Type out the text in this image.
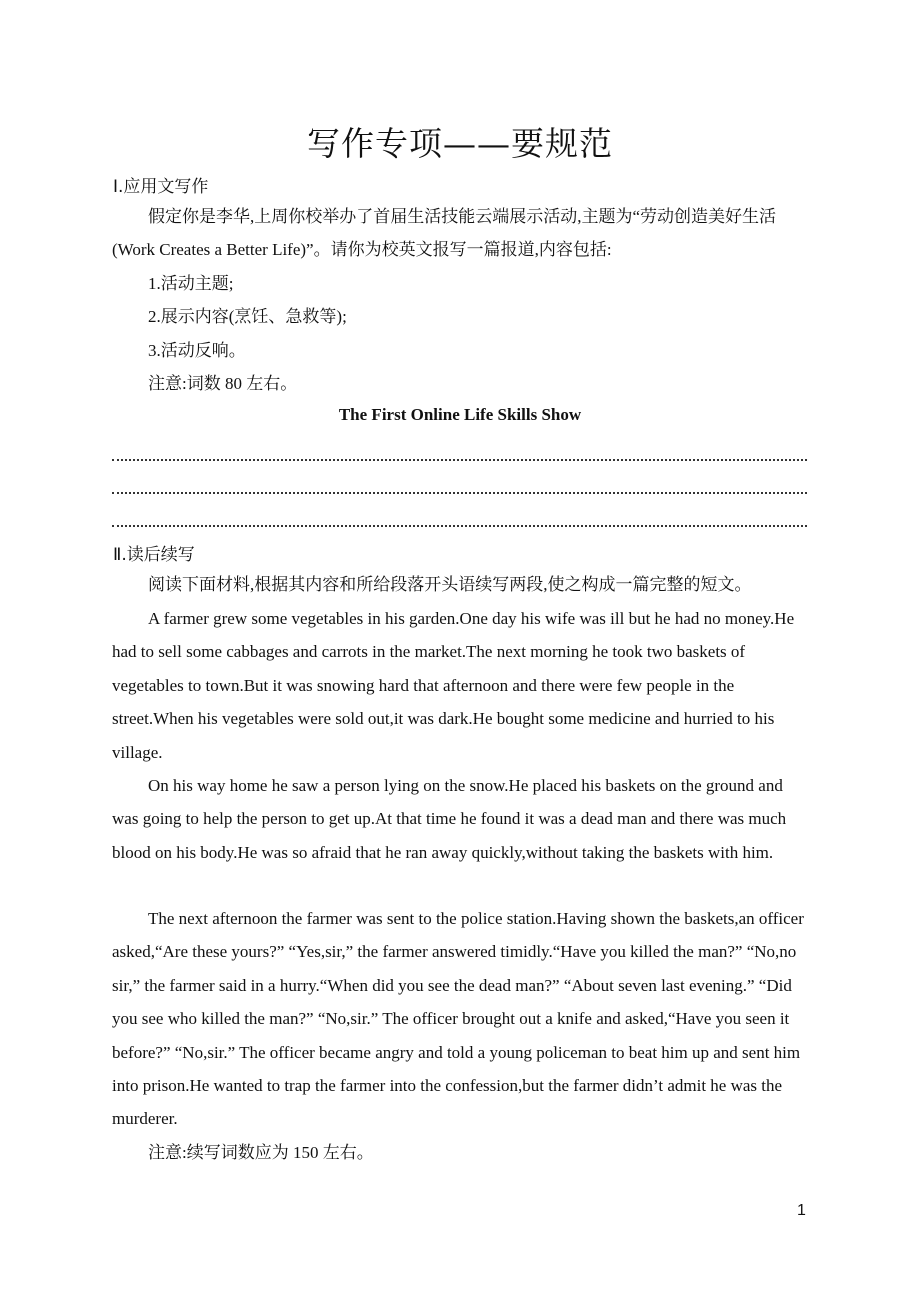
写作专项——要规范
Ⅰ.应用文写作

假定你是李华,上周你校举办了首届生活技能云端展示活动,主题为“劳动创造美好生活(Work Creates a Better Life)”。请你为校英文报写一篇报道,内容包括:

1.活动主题;
2.展示内容(烹饪、急救等);
3.活动反响。
注意:词数 80 左右。
The First Online Life Skills Show
Ⅱ.读后续写

阅读下面材料,根据其内容和所给段落开头语续写两段,使之构成一篇完整的短文。

A farmer grew some vegetables in his garden.One day his wife was ill but he had no money.He had to sell some cabbages and carrots in the market.The next morning he took two baskets of vegetables to town.But it was snowing hard that afternoon and there were few people in the street.When his vegetables were sold out,it was dark.He bought some medicine and hurried to his village.

On his way home he saw a person lying on the snow.He placed his baskets on the ground and was going to help the person to get up.At that time he found it was a dead man and there was much blood on his body.He was so afraid that he ran away quickly,without taking the baskets with him.

The next afternoon the farmer was sent to the police station.Having shown the baskets,an officer asked,“Are these yours?” “Yes,sir,” the farmer answered timidly.“Have you killed the man?” “No,no sir,” the farmer said in a hurry.“When did you see the dead man?” “About seven last evening.” “Did you see who killed the man?” “No,sir.” The officer brought out a knife and asked,“Have you seen it before?” “No,sir.” The officer became angry and told a young policeman to beat him up and sent him into prison.He wanted to trap the farmer into the confession,but the farmer didn’t admit he was the murderer.

注意:续写词数应为 150 左右。
1
